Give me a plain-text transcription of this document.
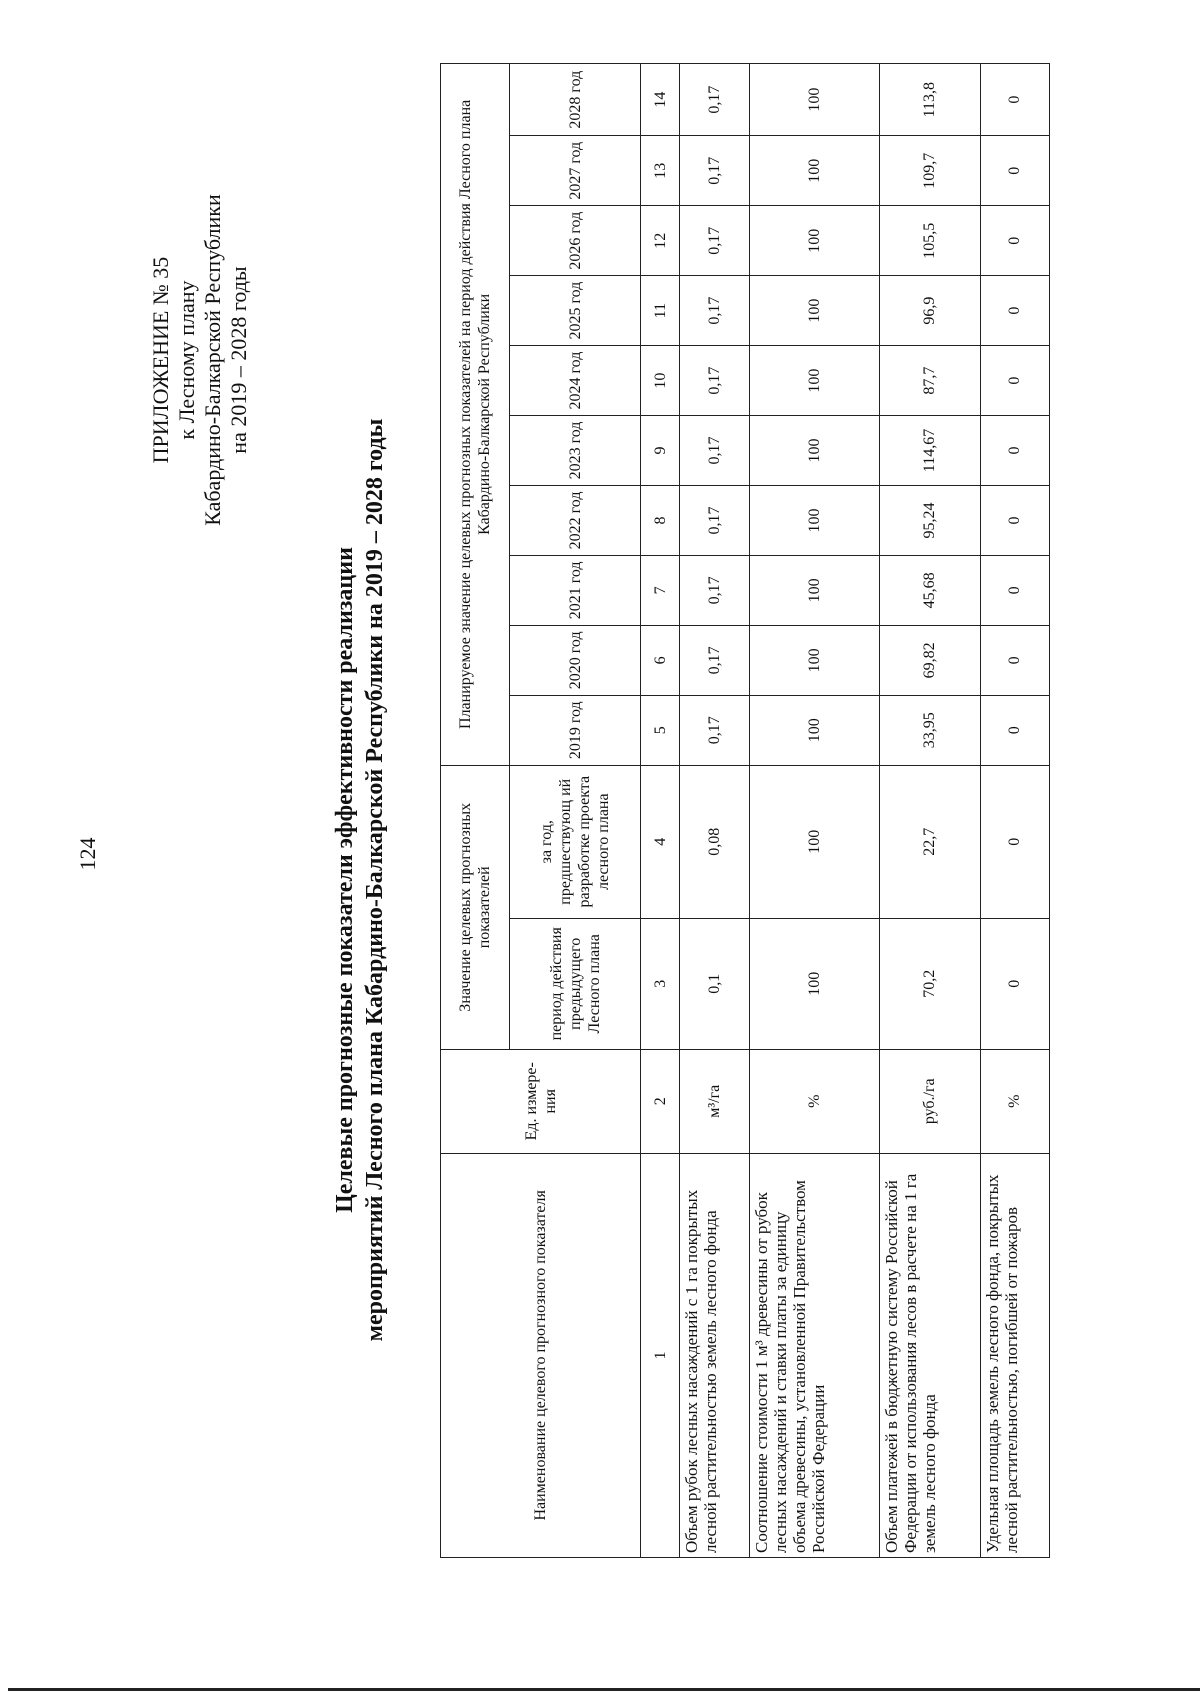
124
ПРИЛОЖЕНИЕ № 35 к Лесному плану Кабардино-Балкарской Республики на 2019 – 2028 годы
Целевые прогнозные показатели эффективности реализации мероприятий Лесного плана Кабардино-Балкарской Республики на 2019 – 2028 годы
Наименование целевого прогнозного показателя	Ед. измере-ния	Значение целевых прогнозных показателей		Планируемое значение целевых прогнозных показателей на период действия Лесного плана Кабардино-Балкарской Республики									
		период действия предыдущего Лесного плана	за год, предшествующ ий разработке проекта лесного плана	2019 год	2020 год	2021 год	2022 год	2023 год	2024 год	2025 год	2026 год	2027 год	2028 год
1	2	3	4	5	6	7	8	9	10	11	12	13	14
Объем рубок лесных насаждений с 1 га покрытых лесной растительностью земель лесного фонда	м³/га	0,1	0,08	0,17	0,17	0,17	0,17	0,17	0,17	0,17	0,17	0,17	0,17
Соотношение стоимости 1 м³ древесины от рубок лесных насаждений и ставки платы за единицу объема древесины, установленной Правительством Российской Федерации	%	100	100	100	100	100	100	100	100	100	100	100	100
Объем платежей в бюджетную систему Российской Федерации от использования лесов в расчете на 1 га земель лесного фонда	руб./га	70,2	22,7	33,95	69,82	45,68	95,24	114,67	87,7	96,9	105,5	109,7	113,8
Удельная площадь земель лесного фонда, покрытых лесной растительностью, погибшей от пожаров	%	0	0	0	0	0	0	0	0	0	0	0	0
